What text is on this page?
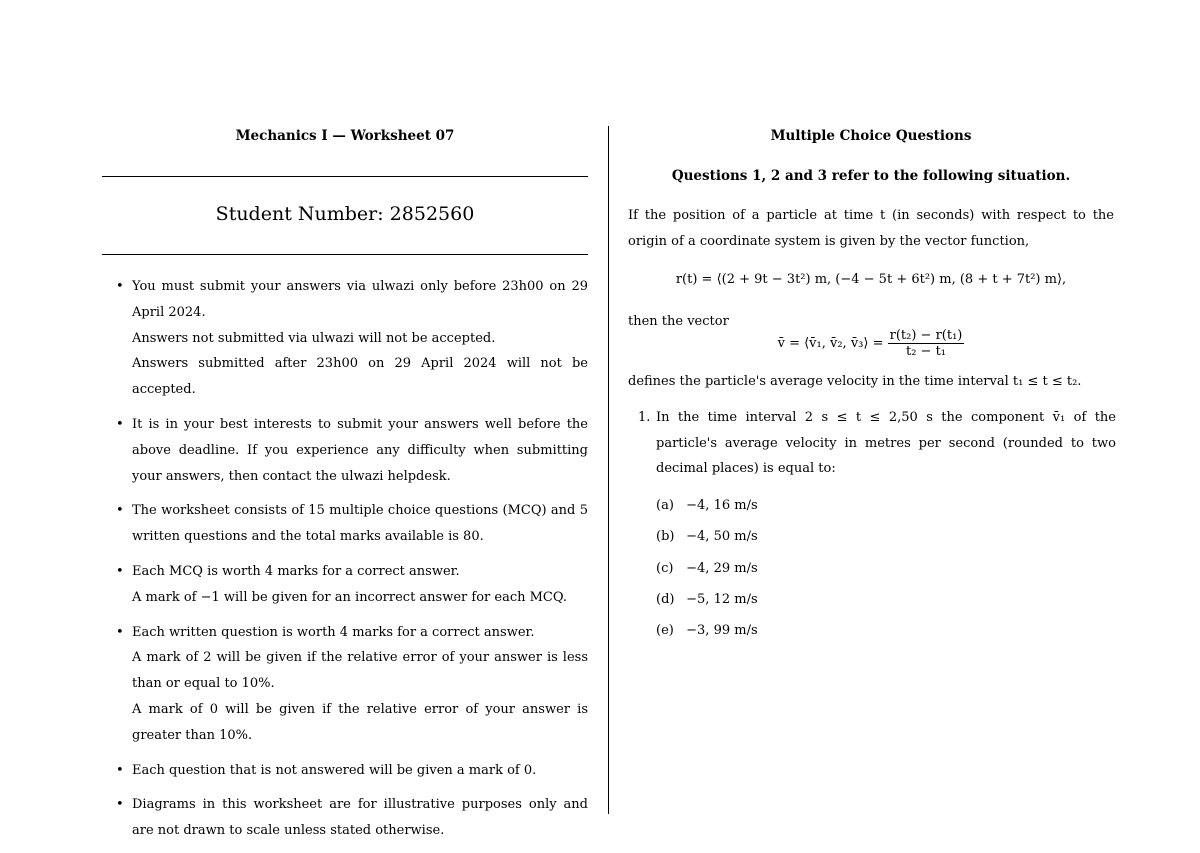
Mechanics I — Worksheet 07
Student Number: 2852560
• You must submit your answers via ulwazi only before 23h00 on 29 April 2024.
Answers not submitted via ulwazi will not be accepted.
Answers submitted after 23h00 on 29 April 2024 will not be accepted.
• It is in your best interests to submit your answers well before the above deadline. If you experience any difficulty when submitting your answers, then contact the ulwazi helpdesk.
• The worksheet consists of 15 multiple choice questions (MCQ) and 5 written questions and the total marks available is 80.
• Each MCQ is worth 4 marks for a correct answer.
A mark of −1 will be given for an incorrect answer for each MCQ.
• Each written question is worth 4 marks for a correct answer.
A mark of 2 will be given if the relative error of your answer is less than or equal to 10%.
A mark of 0 will be given if the relative error of your answer is greater than 10%.
• Each question that is not answered will be given a mark of 0.
• Diagrams in this worksheet are for illustrative purposes only and are not drawn to scale unless stated otherwise.
Multiple Choice Questions
Questions 1, 2 and 3 refer to the following situation.
If the position of a particle at time t (in seconds) with respect to the origin of a coordinate system is given by the vector function,
r(t) = ⟨(2 + 9t − 3t²) m, (−4 − 5t + 6t²) m, (8 + t + 7t²) m⟩,
then the vector
v̄ = ⟨v̄₁, v̄₂, v̄₃⟩ = $\frac{\text{r(t₂) − r(t₁)}}{\text{t₂ − t₁}}$
defines the particle's average velocity in the time interval t₁ ≤ t ≤ t₂.
1. In the time interval 2 s ≤ t ≤ 2,50 s the component v̄₁ of the particle's average velocity in metres per second (rounded to two decimal places) is equal to:
(a) −4, 16 m/s
(b) −4, 50 m/s
(c) −4, 29 m/s
(d) −5, 12 m/s
(e) −3, 99 m/s
